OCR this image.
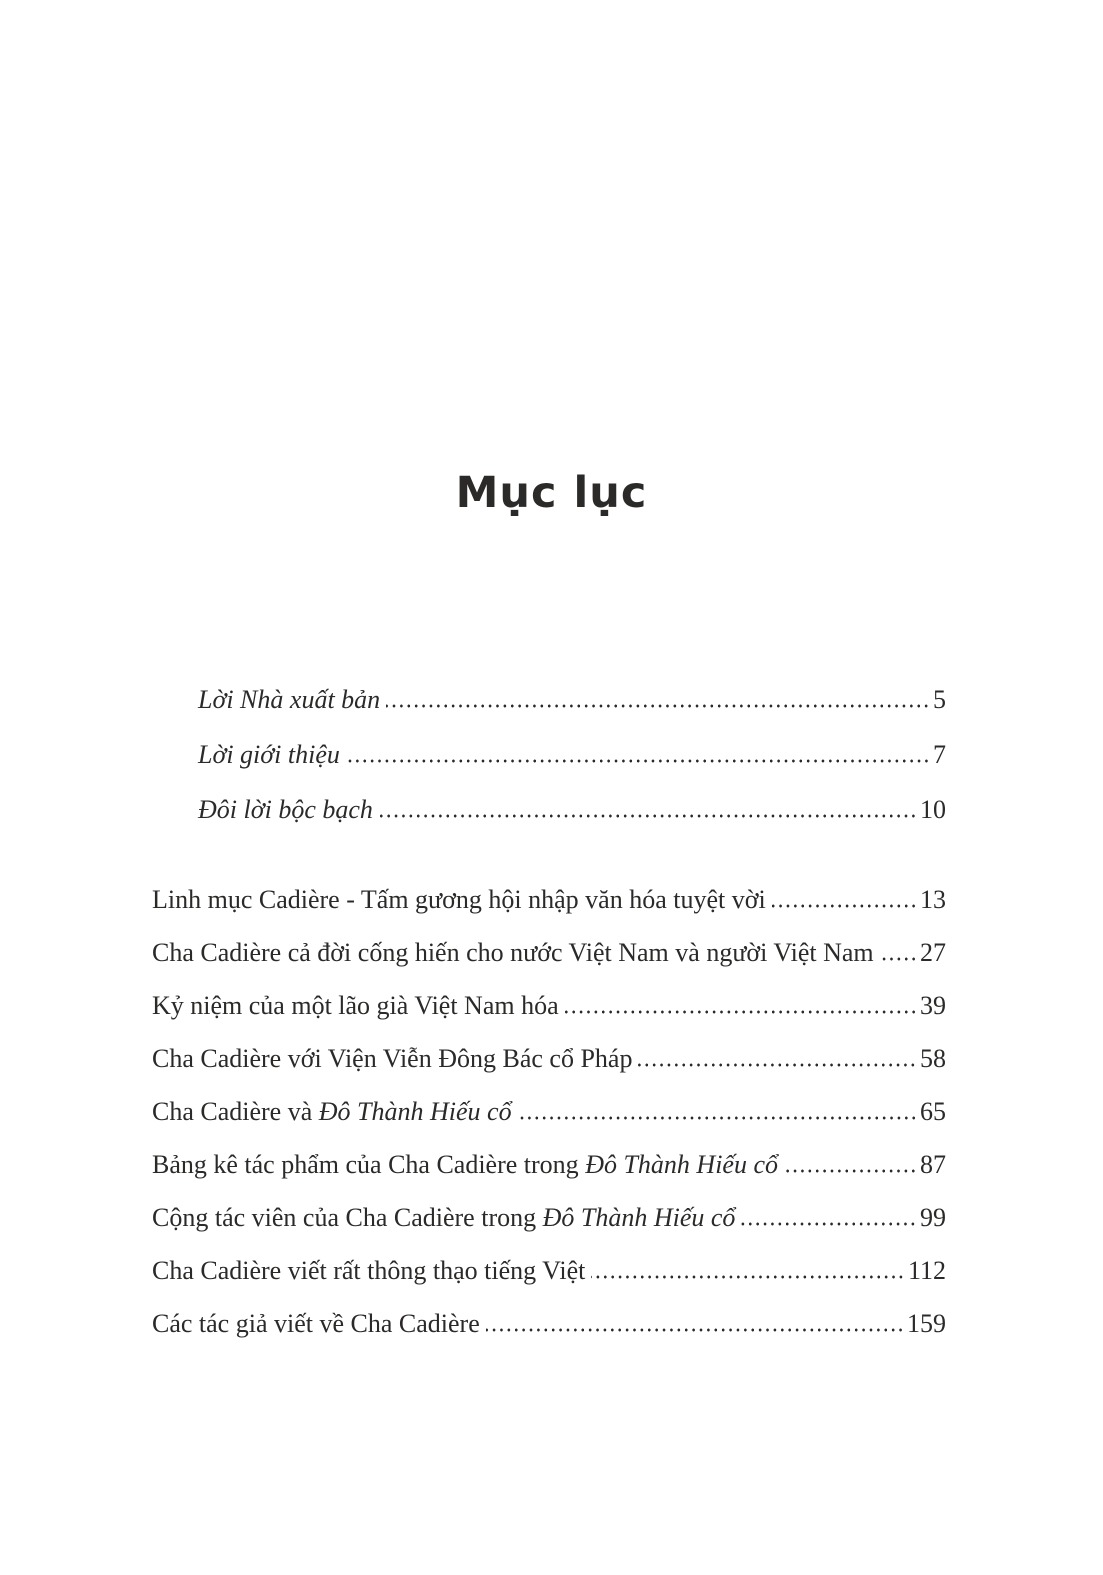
Mục lục
Lời Nhà xuất bản	5
Lời giới thiệu	7
Đôi lời bộc bạch	10
Linh mục Cadière - Tấm gương hội nhập văn hóa tuyệt vời	13
Cha Cadière cả đời cống hiến cho nước Việt Nam và người Việt Nam 27
Kỷ niệm của một lão già Việt Nam hóa	39
Cha Cadière với Viện Viễn Đông Bác cổ Pháp	58
Cha Cadière và Đô Thành Hiếu cổ	65
Bảng kê tác phẩm của Cha Cadière trong Đô Thành Hiếu cổ	87
Cộng tác viên của Cha Cadière trong Đô Thành Hiếu cổ	99
Cha Cadière viết rất thông thạo tiếng Việt	112
Các tác giả viết về Cha Cadière	159
